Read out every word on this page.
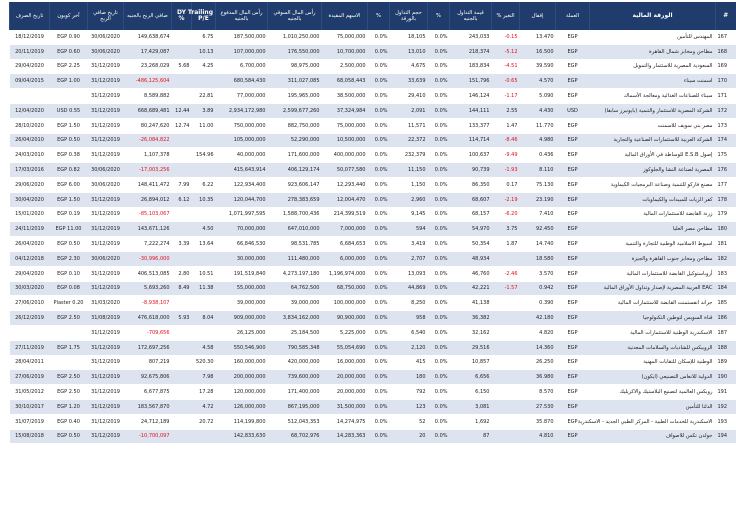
#	الورقة المالية	العملة	إقفال	التغير %	قيمة التداول بالجنيه	%	حجم التداول بالورقة	%	الاسهم المقيدة	رأس المال السوقي بالجنيه	رأس المال المدفوع بالجنيه	Trailing P/E	DY %	صافي الربح بالجنيه	تاريخ صافي الربح	آخر كوبون	تاريخ الصرف
167	المهندس للتأمين	EGP	13.470	-0.15	243,033	0.0%	18,105	0.0%	75,000,000	1,010,250,000	187,500,000	6.75		149,638,674	30/06/2020	EGP 0.90	18/12/2019
168	مطاحن ومخابز شمال القاهرة	EGP	16.500	-5.12	218,374	0.0%	13,010	0.0%	10,700,000	176,550,000	107,000,000	10.13		17,429,087	30/06/2020	EGP 0.60	20/11/2019
169	السعودية المصرية للاستثمار والتمويل	EGP	39.590	-4.51	183,834	0.0%	4,675	0.0%	2,500,000	98,975,000	6,700,000	4.25	5.68	23,268,029	31/12/2019	EGP 2.25	29/04/2020
170	اسمنت سيناء	EGP	4.570	-0.65	151,796	0.0%	33,639	0.0%	68,058,443	311,027,085	680,584,430			-486,125,604	31/12/2019	EGP 1.00	09/04/2015
171	سيناء للصناعات الغذائية ومعالجة الأسماك	EGP	5.090	-1.17	146,124	0.0%	29,410	0.0%	38,500,000	195,965,000	77,000,000	22.81		8,589,882	31/12/2019		
172	الشركة المصرية للاستثمار والتنمية (بايونيرز سابقا)	USD	4.430	2.55	144,111	0.0%	2,091	0.0%	37,324,984	2,599,677,260	2,934,172,980	3.89	12.44	668,689,481	31/12/2019	USD 0.55	12/04/2020
173	مصر بني سويف للاسمنت	EGP	11.770	1.47	133,377	0.0%	11,571	0.0%	75,000,000	882,750,000	750,000,000	11.00	12.74	80,247,620	31/12/2019	EGP 1.50	28/10/2020
174	الشركة العربية للاستثمارات الصناعية والتجارية	EGP	4.980	-8.46	114,714	0.0%	22,372	0.0%	10,500,000	52,290,000	105,000,000			-26,084,822	31/12/2019	EGP 0.50	26/04/2010
175	إصول E.S.B للوساطة في الأوراق المالية	EGP	0.436	-9.49	100,637	0.0%	232,379	0.0%	400,000,000	171,600,000	40,000,000	154.96		1,107,378	31/12/2019	EGP 0.38	24/03/2010
176	المصرية لصناعة النشا والجلوكوز	EGP	8.110	-1.93	90,739	0.0%	11,150	0.0%	50,077,580	406,129,174	415,643,914			-17,003,256	30/06/2020	EGP 0.82	17/03/2016
177	مصنع فاركو للتنمية وصناعة البرمجيات الكيماوية	EGP	75.130	0.17	86,350	0.0%	1,150	0.0%	12,293,440	923,606,147	122,934,400	6.22	7.99	148,411,472	30/06/2020	EGP 6.00	29/06/2020
178	كفر الزيات للمبيدات والكيماويات	EGP	23.190	-2.19	68,607	0.0%	2,960	0.0%	12,004,470	278,383,659	120,044,700	10.35	6.12	26,894,012	31/12/2019	EGP 1.50	30/04/2020
179	زرنة القابضة للاستثمارات المالية	EGP	7.410	-6.20	68,157	0.0%	9,145	0.0%	214,399,519	1,588,700,436	1,071,997,595			-85,103,067	31/12/2019	EGP 0.19	15/01/2020
180	مطاحن مصر العليا	EGP	92.450	3.75	54,970	0.0%	594	0.0%	7,000,000	647,010,000	70,000,000	4.50		143,671,126	31/12/2019	EGP 11.00	24/11/2019
181	اسيوط الاسلامية الوطنية للتجارة والتنمية	EGP	14.740	1.87	50,354	0.0%	3,419	0.0%	6,684,653	98,531,785	66,846,530	13.64	3.39	7,222,274	31/12/2019	EGP 0.50	26/04/2020
182	مطاحن ومخابز جنوب القاهرة والجيزة	EGP	18.580		48,934	0.0%	2,707	0.0%	6,000,000	111,480,000	30,000,000			-30,996,000	30/06/2020	EGP 2.30	04/12/2018
183	أروباستوكيل القابضة للاستثمارات المالية	EGP	3.570	-2.46	46,760	0.0%	13,093	0.0%	1,196,974,000	4,273,197,180	191,519,840	10.51	2.80	406,513,085	31/12/2019	EGP 0.10	29/04/2020
184	EAC العربية المصرية لإصدار وتداول الأوراق المالية	EGP	0.942	-1.57	42,221	0.0%	44,869	0.0%	68,750,000	64,762,500	55,000,000	11.38	8.49	5,693,260	31/12/2019	EGP 0.08	30/03/2020
185	جراند انفستمنت القابضة للاستثمارات المالية	EGP	0.390		41,138	0.0%	8,250	0.0%	100,000,000	39,000,000	39,000,000			-8,938,107	31/03/2020	Plaster 0.20	27/06/2010
186	قناة السويس لتوطين التكنولوجيا	EGP	42.180		36,382	0.0%	958	0.0%	90,900,000	3,834,162,000	909,000,000	8.04	5.93	476,618,000	31/08/2019	EGP 2.50	26/12/2019
187	الاسكندرية الوطنية للاستثمارات المالية	EGP	4.820		32,162	0.0%	6,540	0.0%	5,225,000	25,184,500	26,125,000			-709,656	31/12/2019		
188	الروبيكس للشاديات والسلامات المعدنية	EGP	14.360		29,516	0.0%	2,120	0.0%	55,054,690	790,585,348	550,546,900	4.58		172,697,256	31/12/2019	EGP 1.75	27/11/2019
189	الوطنية للإسكان للنقابات المهنية	EGP	26.250		10,857	0.0%	415	0.0%	16,000,000	420,000,000	160,000,000	520.30		807,219	31/12/2019		28/04/2011
190	الدولية للانعاس التصنيعي (ايكون)	EGP	36.980		6,656	0.0%	180	0.0%	20,000,000	739,600,000	200,000,000	7.98		92,675,806	31/12/2019	EGP 2.50	27/06/2019
191	روبكس العالمية لتصنيع البلاستيك والاكريليك	EGP	8.570		6,150	0.0%	792	0.0%	20,000,000	171,400,000	120,000,000	17.28		6,677,875	31/12/2019	EGP 2.50	31/05/2012
192	الدلتا للتأمين	EGP	27.530		3,081	0.0%	123	0.0%	31,500,000	867,195,000	126,000,000	4.72		183,567,870	31/12/2019	EGP 1.20	30/10/2017
193	الاسكندرية للخدمات الطبية - المركز الطبي الجديد - الاسكندرية	EGP	35.870		1,692	0.0%	52	0.0%	14,274,975	512,043,353	114,199,800	20.72		24,712,189	31/12/2019	EGP 0.40	31/07/2019
194	جولدن تكس للاصواف	EGP	4.810		87	0.0%	20	0.0%	14,283,363	68,702,976	142,833,630			-10,700,097	31/12/2019	EGP 0.50	15/08/2018
